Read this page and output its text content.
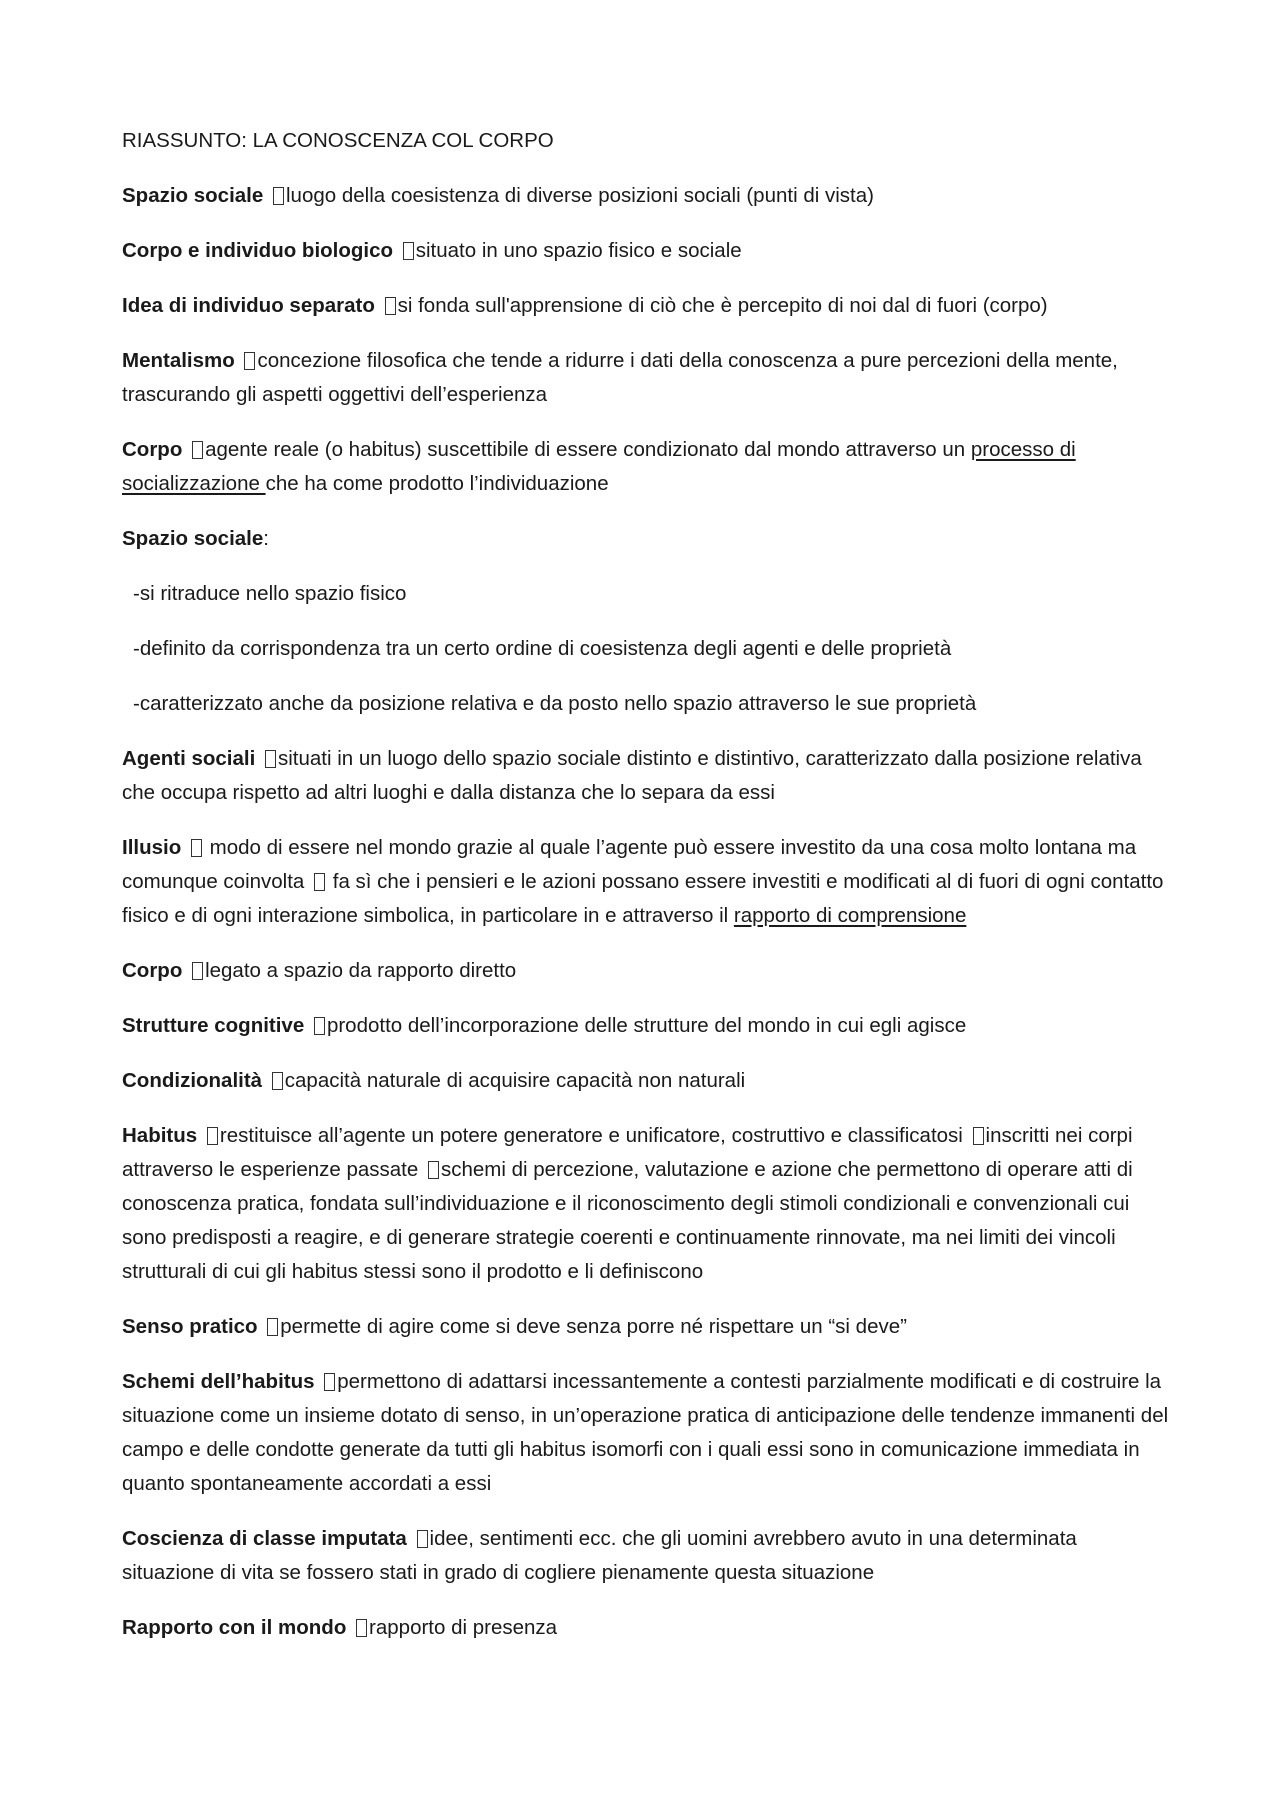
RIASSUNTO: LA CONOSCENZA COL CORPO

Spazio sociale luogo della coesistenza di diverse posizioni sociali (punti di vista)

Corpo e individuo biologico situato in uno spazio fisico e sociale

Idea di individuo separato si fonda sull'apprensione di ciò che è percepito di noi dal di fuori (corpo)

Mentalismo concezione filosofica che tende a ridurre i dati della conoscenza a pure percezioni della mente, trascurando gli aspetti oggettivi dell’esperienza

Corpo agente reale (o habitus) suscettibile di essere condizionato dal mondo attraverso un processo di socializzazione che ha come prodotto l’individuazione

Spazio sociale:

-si ritraduce nello spazio fisico

-definito da corrispondenza tra un certo ordine di coesistenza degli agenti e delle proprietà

-caratterizzato anche da posizione relativa e da posto nello spazio attraverso le sue proprietà

Agenti sociali situati in un luogo dello spazio sociale distinto e distintivo, caratterizzato dalla posizione relativa che occupa rispetto ad altri luoghi e dalla distanza che lo separa da essi

Illusio  modo di essere nel mondo grazie al quale l’agente può essere investito da una cosa molto lontana ma comunque coinvolta  fa sì che i pensieri e le azioni possano essere investiti e modificati al di fuori di ogni contatto fisico e di ogni interazione simbolica, in particolare in e attraverso il rapporto di comprensione

Corpo legato a spazio da rapporto diretto

Strutture cognitive prodotto dell’incorporazione delle strutture del mondo in cui egli agisce

Condizionalità capacità naturale di acquisire capacità non naturali

Habitus restituisce all’agente un potere generatore e unificatore, costruttivo e classificatosi inscritti nei corpi attraverso le esperienze passate schemi di percezione, valutazione e azione che permettono di operare atti di conoscenza pratica, fondata sull’individuazione e il riconoscimento degli stimoli condizionali e convenzionali cui sono predisposti a reagire, e di generare strategie coerenti e continuamente rinnovate, ma nei limiti dei vincoli strutturali di cui gli habitus stessi sono il prodotto e li definiscono

Senso pratico permette di agire come si deve senza porre né rispettare un “si deve”

Schemi dell’habitus permettono di adattarsi incessantemente a contesti parzialmente modificati e di costruire la situazione come un insieme dotato di senso, in un’operazione pratica di anticipazione delle tendenze immanenti del campo e delle condotte generate da tutti gli habitus isomorfi con i quali essi sono in comunicazione immediata in quanto spontaneamente accordati a essi

Coscienza di classe imputata idee, sentimenti ecc. che gli uomini avrebbero avuto in una determinata situazione di vita se fossero stati in grado di cogliere pienamente questa situazione

Rapporto con il mondo rapporto di presenza
